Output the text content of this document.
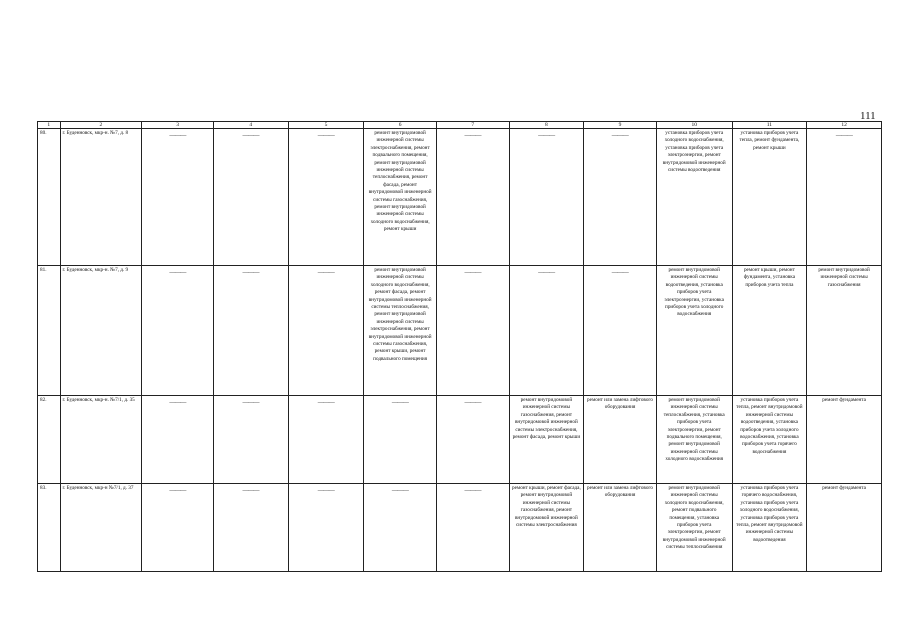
111
1	2	3	4	5	6	7	8	9	10	11	12
80.	г. Буденновск, мкр-н. №7, д. 8	———	———	———	ремонт внутридомовой инженерной системы электроснабжения, ремонт подвального помещения, ремонт внутридомовой инженерной системы теплоснабжения, ремонт фасада, ремонт внутридомовой инженерной системы газоснабжения, ремонт внутридомовой инженерной системы холодного водоснабжения, ремонт крыши	———	———	———	установка приборов учета холодного водоснабжения, установка приборов учета электроэнергии, ремонт внутридомовой инженерной системы водоотведения	установка приборов учета тепла, ремонт фундамента, ремонт крыши	———
81.	г. Буденновск, мкр-н. №7, д. 9	———	———	———	ремонт внутридомовой инженерной системы холодного водоснабжения, ремонт фасада, ремонт внутридомовой инженерной системы теплоснабжения, ремонт внутридомовой инженерной системы электроснабжения, ремонт внутридомовой инженерной системы газоснабжения, ремонт крыши, ремонт подвального помещения	———	———	———	ремонт внутридомовой инженерной системы водоотведения, установка приборов учета электроэнергии, установка приборов учета холодного водоснабжения	ремонт крыши, ремонт фундамента, установка приборов учета тепла	ремонт внутридомовой инженерной системы газоснабжения
82.	г. Буденновск, мкр-н. №7/1, д. 35	———	———	———	———	———	ремонт внутридомовой инженерной системы газоснабжения, ремонт внутридомовой инженерной системы электроснабжения, ремонт фасада, ремонт крыши	ремонт или замена лифтового оборудования	ремонт внутридомовой инженерной системы теплоснабжения, установка приборов учета электроэнергии, ремонт подвального помещения, ремонт внутридомовой инженерной системы холодного водоснабжения	установка приборов учета тепла, ремонт внутридомовой инженерной системы водоотведения, установка приборов учета холодного водоснабжения, установка приборов учета горячего водоснабжения	ремонт фундамента
83.	г. Буденновск, мкр-н №7/1, д. 37	———	———	———	———	———	ремонт крыши, ремонт фасада, ремонт внутридомовой инженерной системы газоснабжения, ремонт внутридомовой инженерной системы электроснабжения	ремонт или замена лифтового оборудования	ремонт внутридомовой инженерной системы холодного водоснабжения, ремонт подвального помещения, установка приборов учета электроэнергии, ремонт внутридомовой инженерной системы теплоснабжения	установка приборов учета горячего водоснабжения, установка приборов учета холодного водоснабжения, установка приборов учета тепла, ремонт внутридомовой инженерной системы водоотведения	ремонт фундамента
